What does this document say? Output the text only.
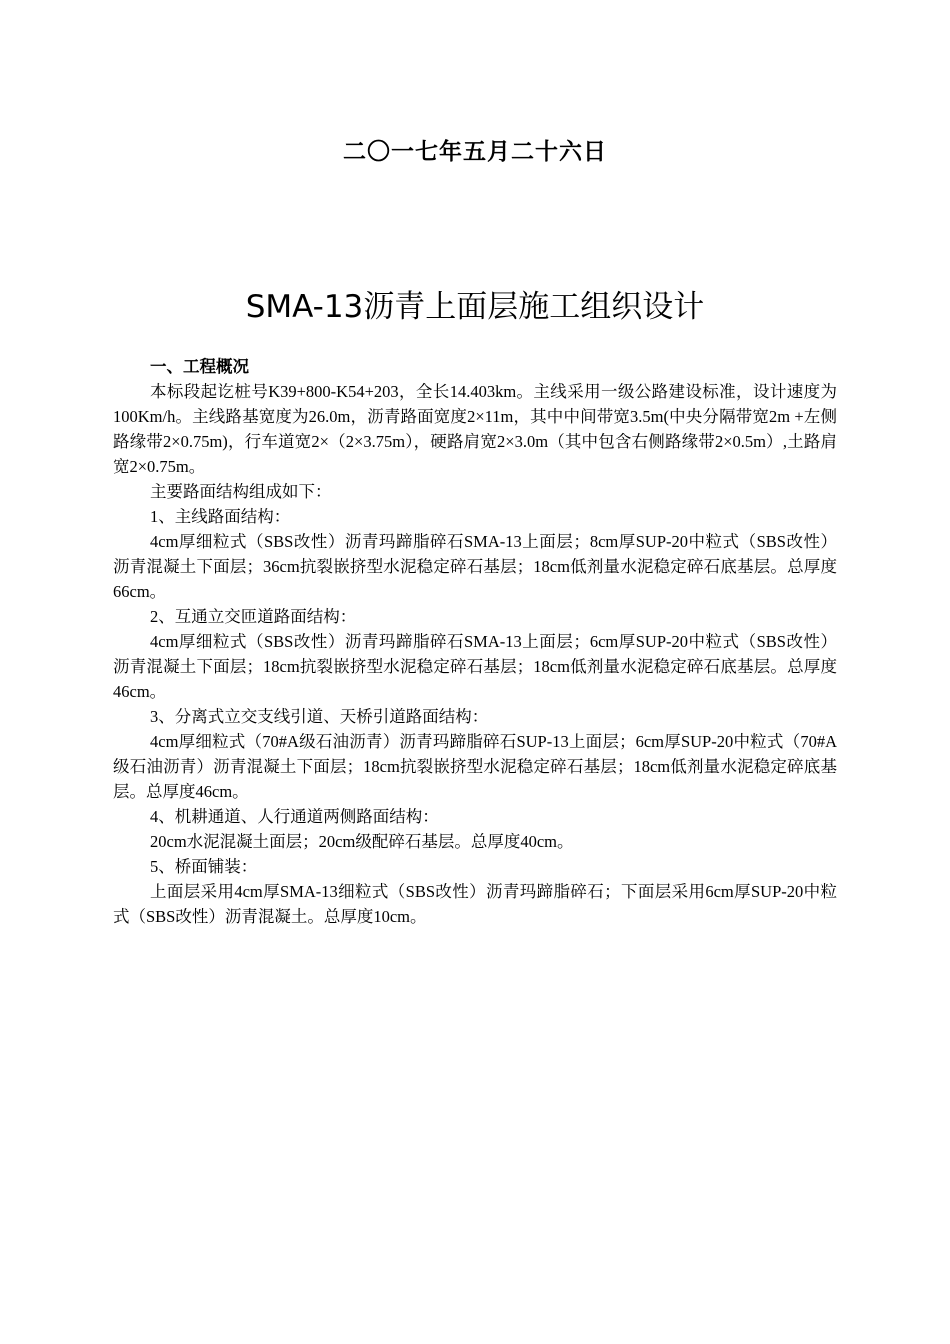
二〇一七年五月二十六日
SMA-13沥青上面层施工组织设计

一、工程概况

本标段起讫桩号K39+800-K54+203，全长14.403km。主线采用一级公路建设标准，设计速度为100Km/h。主线路基宽度为26.0m，沥青路面宽度2×11m，其中中间带宽3.5m(中央分隔带宽2m +左侧路缘带2×0.75m)，行车道宽2×（2×3.75m），硬路肩宽2×3.0m（其中包含右侧路缘带2×0.5m）,土路肩宽2×0.75m。

主要路面结构组成如下：

1、主线路面结构：

4cm厚细粒式（SBS改性）沥青玛蹄脂碎石SMA-13上面层；8cm厚SUP-20中粒式（SBS改性）沥青混凝土下面层；36cm抗裂嵌挤型水泥稳定碎石基层；18cm低剂量水泥稳定碎石底基层。总厚度66cm。

2、互通立交匝道路面结构：

4cm厚细粒式（SBS改性）沥青玛蹄脂碎石SMA-13上面层；6cm厚SUP-20中粒式（SBS改性）沥青混凝土下面层；18cm抗裂嵌挤型水泥稳定碎石基层；18cm低剂量水泥稳定碎石底基层。总厚度46cm。

3、分离式立交支线引道、天桥引道路面结构：

4cm厚细粒式（70#A级石油沥青）沥青玛蹄脂碎石SUP-13上面层；6cm厚SUP-20中粒式（70#A级石油沥青）沥青混凝土下面层；18cm抗裂嵌挤型水泥稳定碎石基层；18cm低剂量水泥稳定碎底基层。总厚度46cm。

4、机耕通道、人行通道两侧路面结构：

20cm水泥混凝土面层；20cm级配碎石基层。总厚度40cm。

5、桥面铺装：

上面层采用4cm厚SMA-13细粒式（SBS改性）沥青玛蹄脂碎石；下面层采用6cm厚SUP-20中粒式（SBS改性）沥青混凝土。总厚度10cm。
